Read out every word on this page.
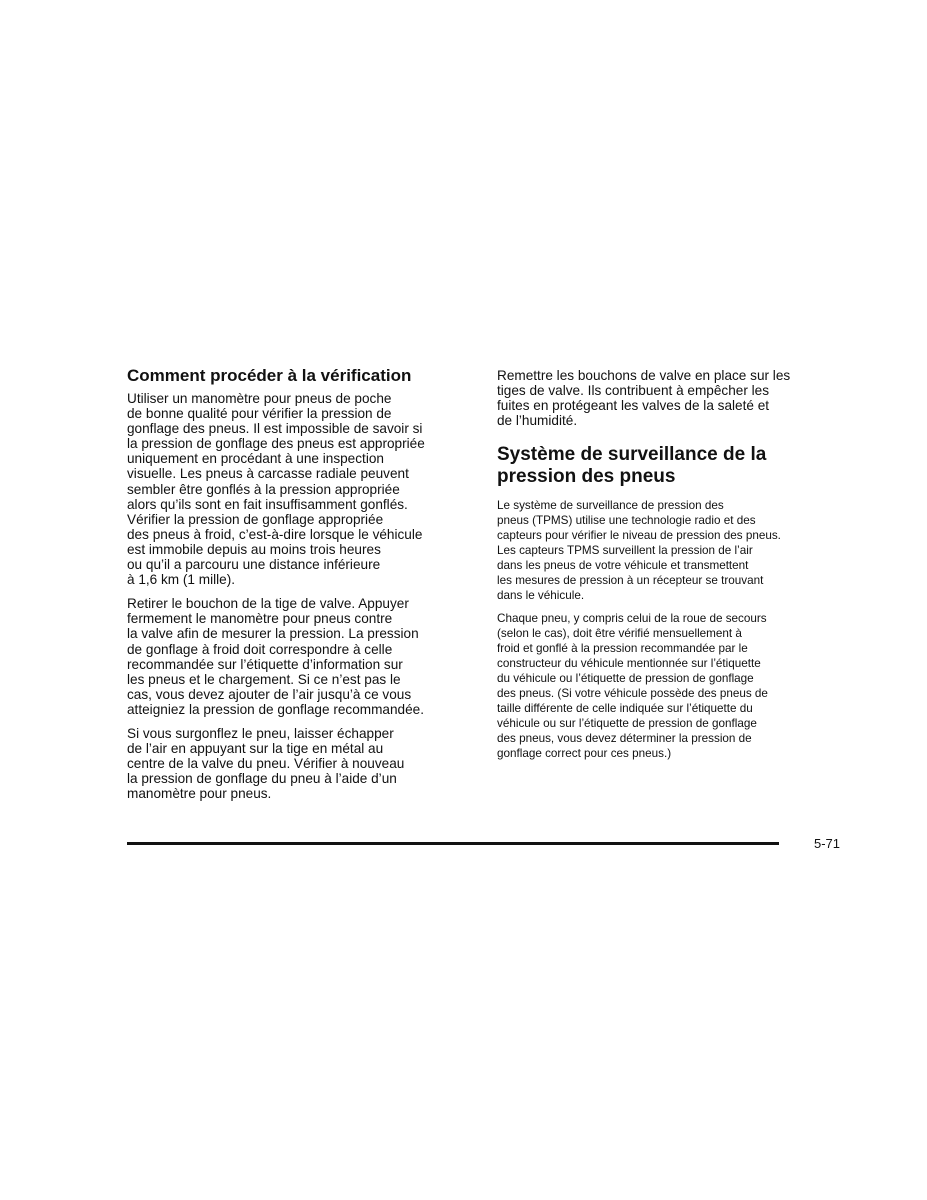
Comment procéder à la vérification

Utiliser un manomètre pour pneus de poche
de bonne qualité pour vérifier la pression de
gonflage des pneus. Il est impossible de savoir si
la pression de gonflage des pneus est appropriée
uniquement en procédant à une inspection
visuelle. Les pneus à carcasse radiale peuvent
sembler être gonflés à la pression appropriée
alors qu’ils sont en fait insuffisamment gonflés.
Vérifier la pression de gonflage appropriée
des pneus à froid, c’est-à-dire lorsque le véhicule
est immobile depuis au moins trois heures
ou qu’il a parcouru une distance inférieure
à 1,6 km (1 mille).

Retirer le bouchon de la tige de valve. Appuyer
fermement le manomètre pour pneus contre
la valve afin de mesurer la pression. La pression
de gonflage à froid doit correspondre à celle
recommandée sur l’étiquette d’information sur
les pneus et le chargement. Si ce n’est pas le
cas, vous devez ajouter de l’air jusqu’à ce vous
atteigniez la pression de gonflage recommandée.

Si vous surgonflez le pneu, laisser échapper
de l’air en appuyant sur la tige en métal au
centre de la valve du pneu. Vérifier à nouveau
la pression de gonflage du pneu à l’aide d’un
manomètre pour pneus.

Remettre les bouchons de valve en place sur les
tiges de valve. Ils contribuent à empêcher les
fuites en protégeant les valves de la saleté et
de l’humidité.

Système de surveillance de la
pression des pneus

Le système de surveillance de pression des
pneus (TPMS) utilise une technologie radio et des
capteurs pour vérifier le niveau de pression des pneus.
Les capteurs TPMS surveillent la pression de l’air
dans les pneus de votre véhicule et transmettent
les mesures de pression à un récepteur se trouvant
dans le véhicule.

Chaque pneu, y compris celui de la roue de secours
(selon le cas), doit être vérifié mensuellement à
froid et gonflé à la pression recommandée par le
constructeur du véhicule mentionnée sur l’étiquette
du véhicule ou l’étiquette de pression de gonflage
des pneus. (Si votre véhicule possède des pneus de
taille différente de celle indiquée sur l’étiquette du
véhicule ou sur l’étiquette de pression de gonflage
des pneus, vous devez déterminer la pression de
gonflage correct pour ces pneus.)

5-71
